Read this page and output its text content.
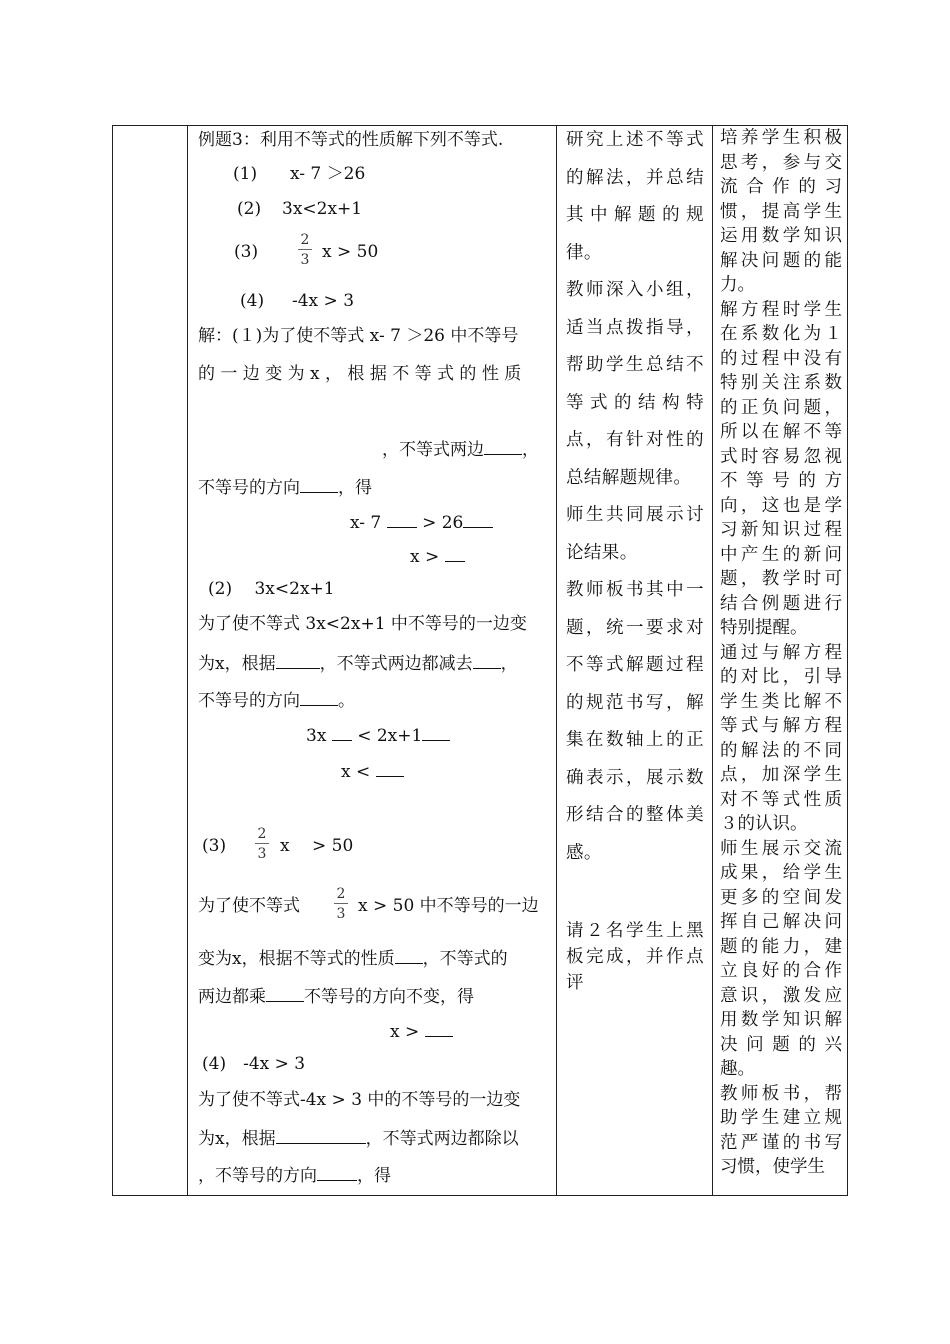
例题3：利用不等式的性质解下列不等式.
(1) x- 7 ＞26
(2) 3x<2x+1
(3)	$\frac{2}{3}$ x > 50
(4) -4x > 3
解：(１)为了使不等式 x- 7 ＞26 中不等号
的 一 边 变 为 x ， 根 据 不 等 式 的 性 质
，不等式两边 ，
不等号的方向 ，得
x- 7 > 26
x >
(2)　 3x<2x+1
为了使不等式 3x<2x+1 中不等号的一边变
为x，根据	，不等式两边都减去 ，
不等号的方向 。
3x < 2x+1
x <
$(3) \frac{2}{3}$ x　 > 50
为了使不等式 $\frac{2}{3}$ x > 50 中不等号的一边
变为x，根据不等式的性质 ，不等式的
两边都乘 不等号的方向不变，得
x >
(4)　-4x > 3
为了使不等式-4x > 3 中的不等号的一边变
为x，根据	，不等式两边都除以
，不等号的方向 ，得

研究上述不等式的解法，并总结其中解题的规律。

教师深入小组，适当点拨指导，帮助学生总结不等式的结构特点，有针对性的总结解题规律。

师生共同展示讨论结果。

教师板书其中一题，统一要求对不等式解题过程的规范书写，解集在数轴上的正确表示，展示数形结合的整体美感。

请２名学生上黑板完成，并作点评

培养学生积极思考，参与交流合作的习惯，提高学生运用数学知识解决问题的能力。

解方程时学生在系数化为１的过程中没有特别关注系数的正负问题，所以在解不等式时容易忽视不等号的方向，这也是学习新知识过程中产生的新问题，教学时可结合例题进行特别提醒。

通过与解方程的对比，引导学生类比解不等式与解方程的解法的不同点，加深学生对不等式性质３的认识。

师生展示交流成果，给学生更多的空间发挥自己解决问题的能力，建立良好的合作意识，激发应用数学知识解决问题的兴趣。

教师板书，帮助学生建立规范严谨的书写习惯，使学生
